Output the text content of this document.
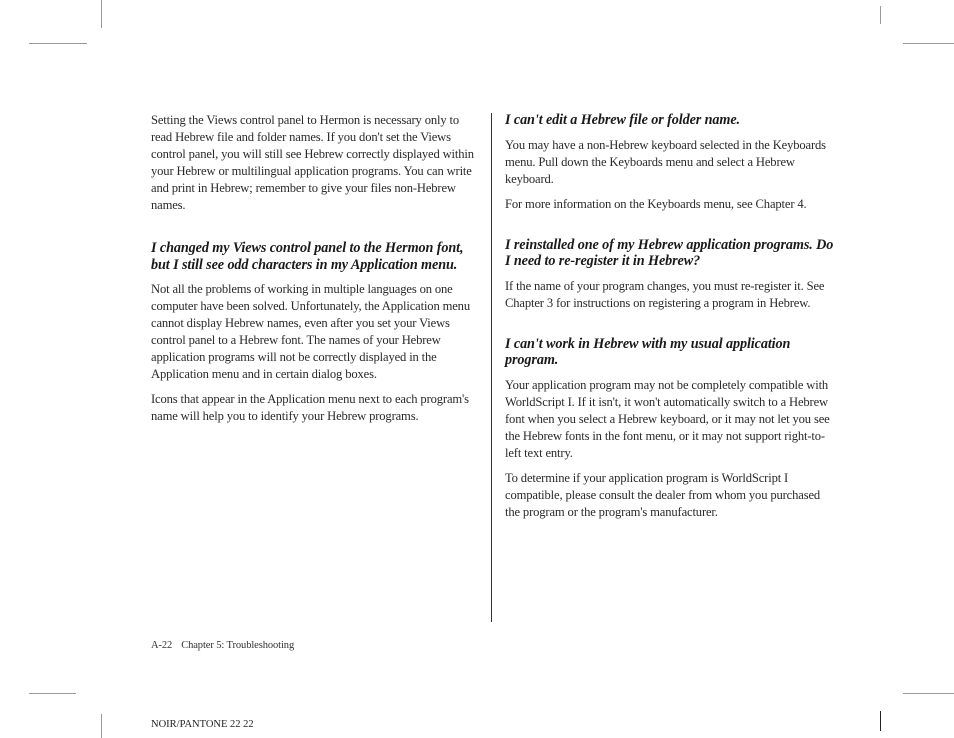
Setting the Views control panel to Hermon is necessary only to read Hebrew file and folder names. If you don't set the Views control panel, you will still see Hebrew correctly displayed within your Hebrew or multilingual application programs. You can write and print in Hebrew; remember to give your files non-Hebrew names.

I changed my Views control panel to the Hermon font, but I still see odd characters in my Application menu.

Not all the problems of working in multiple languages on one computer have been solved. Unfortunately, the Application menu cannot display Hebrew names, even after you set your Views control panel to a Hebrew font. The names of your Hebrew application programs will not be correctly displayed in the Application menu and in certain dialog boxes.

Icons that appear in the Application menu next to each program's name will help you to identify your Hebrew programs.

I can't edit a Hebrew file or folder name.

You may have a non-Hebrew keyboard selected in the Keyboards menu. Pull down the Keyboards menu and select a Hebrew keyboard.

For more information on the Keyboards menu, see Chapter 4.

I reinstalled one of my Hebrew application programs. Do I need to re-register it in Hebrew?

If the name of your program changes, you must re-register it. See Chapter 3 for instructions on registering a program in Hebrew.

I can't work in Hebrew with my usual application program.

Your application program may not be completely compatible with WorldScript I. If it isn't, it won't automatically switch to a Hebrew font when you select a Hebrew keyboard, or it may not let you see the Hebrew fonts in the font menu, or it may not support right-to-left text entry.

To determine if your application program is WorldScript I compatible, please consult the dealer from whom you purchased the program or the program's manufacturer.

A-22 Chapter 5: Troubleshooting
NOIR/PANTONE 22 22
